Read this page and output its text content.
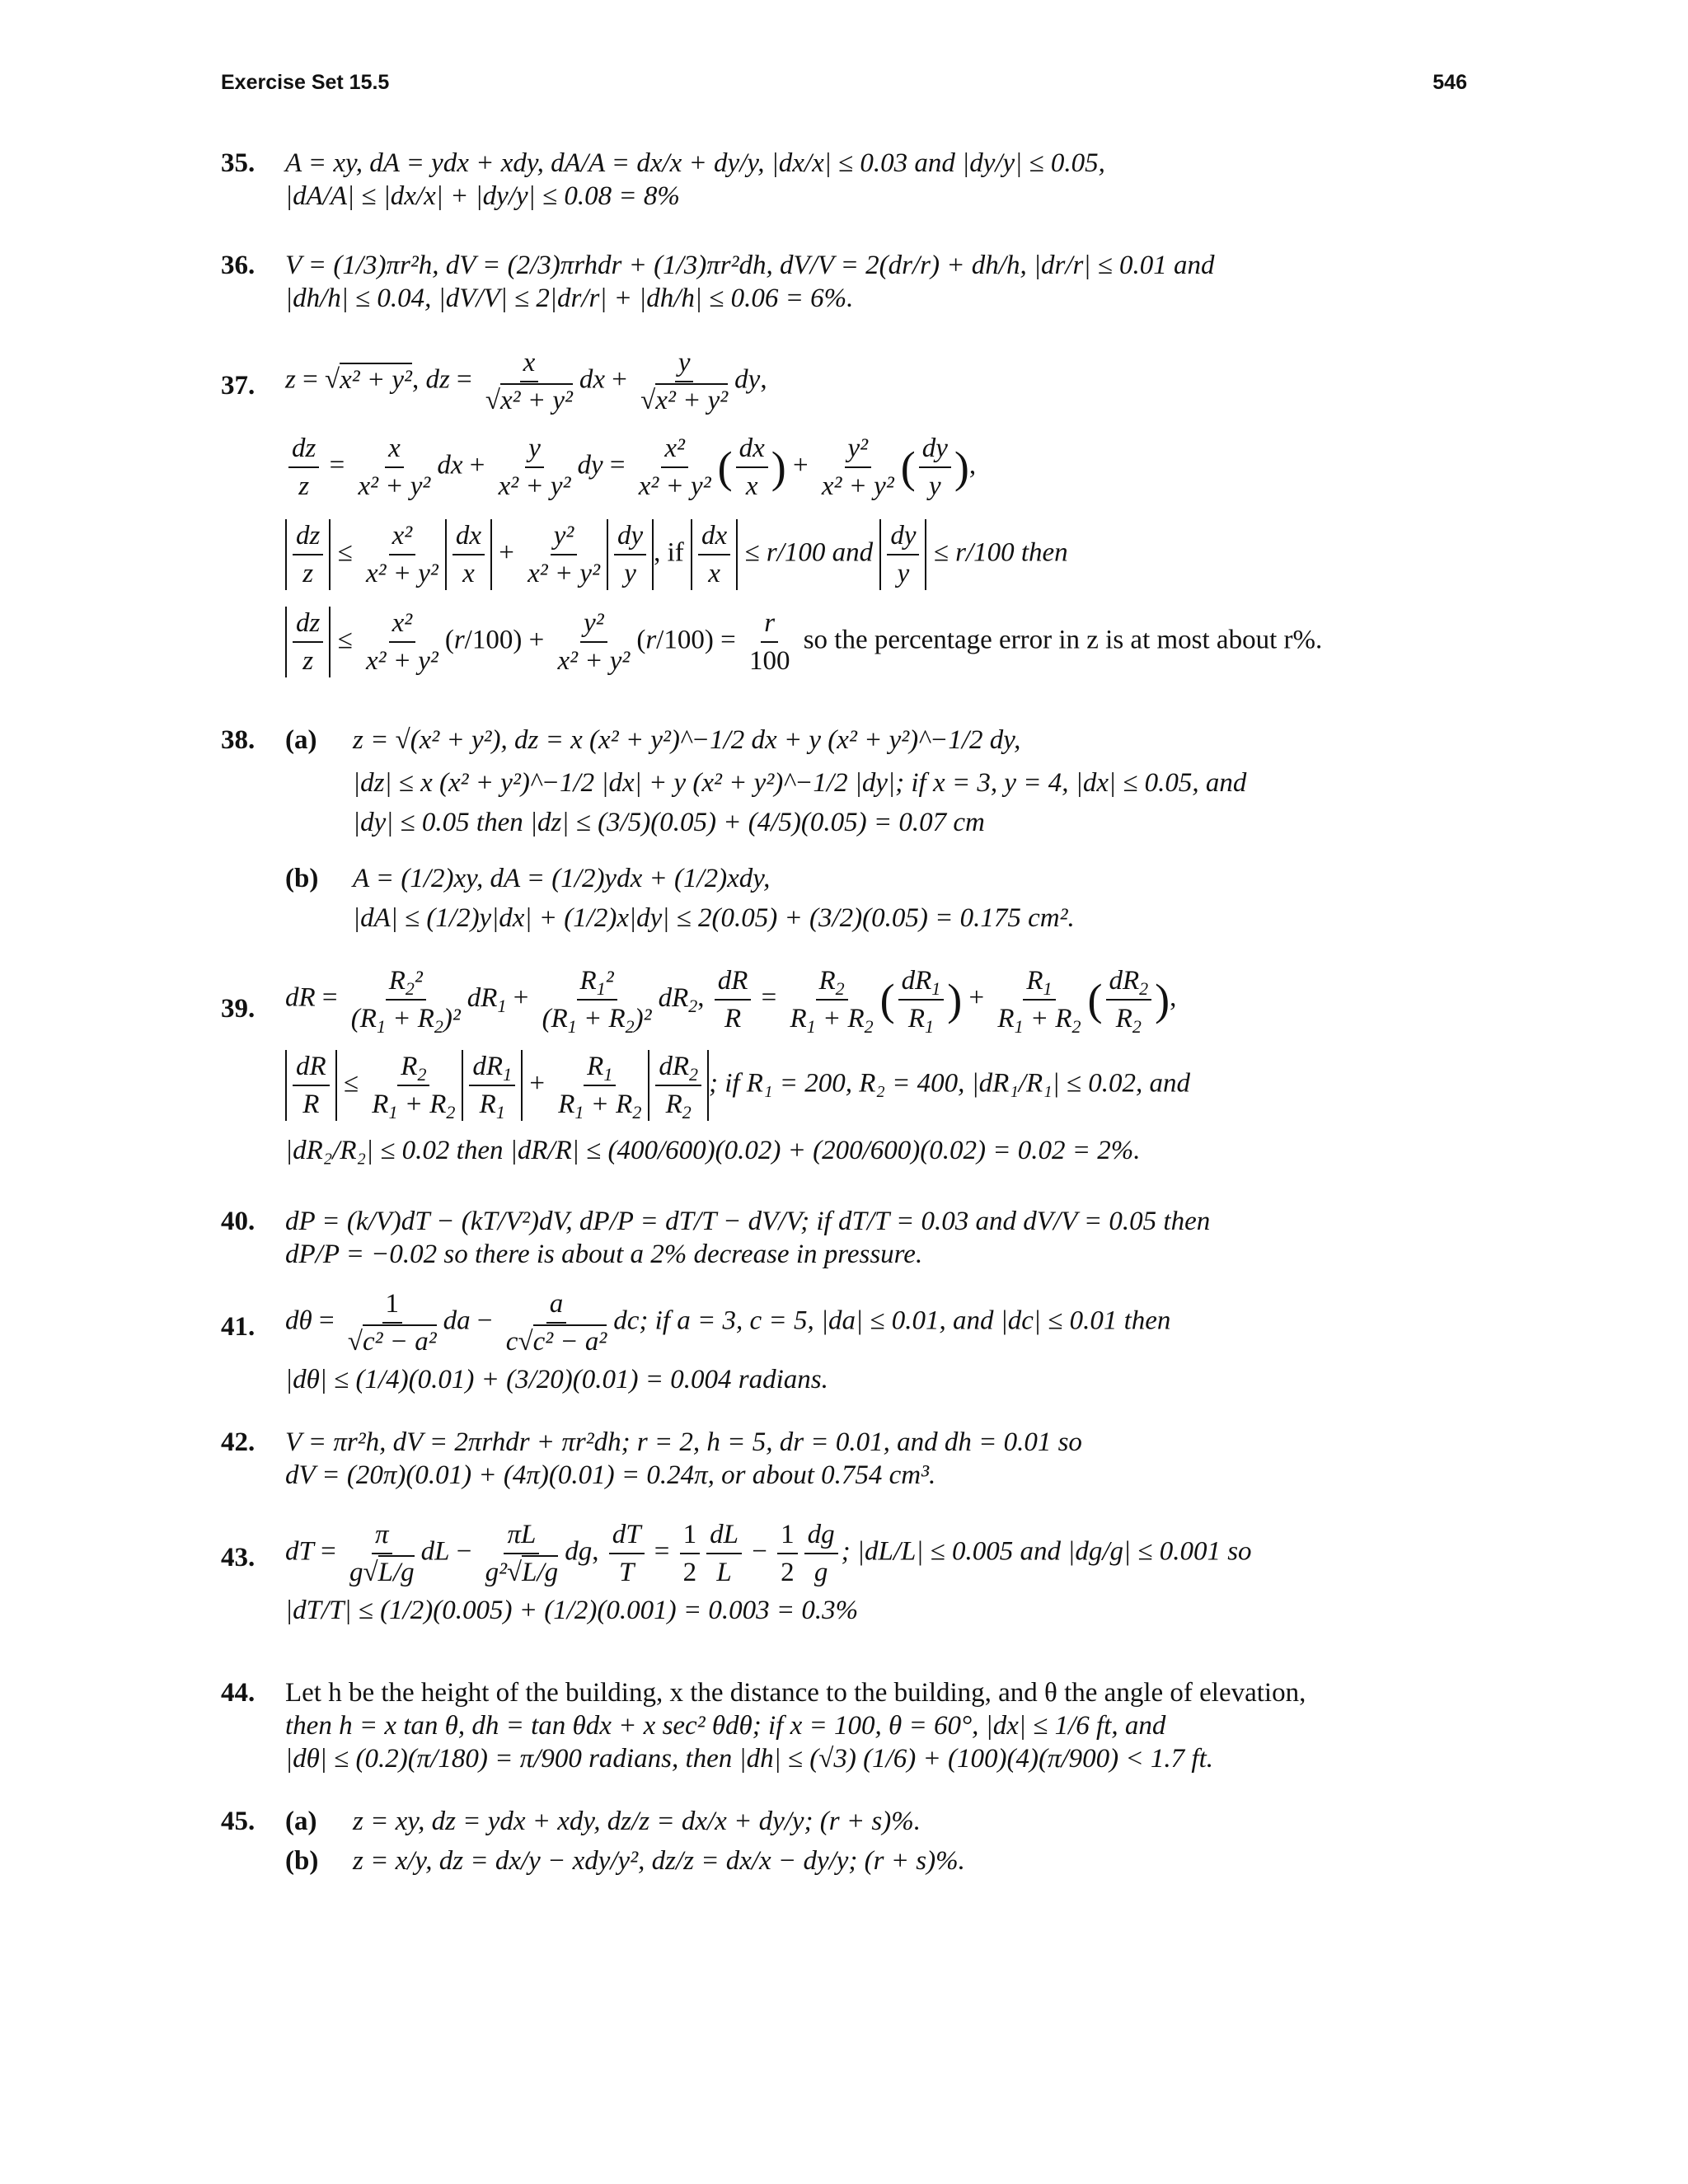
Exercise Set 15.5	546
35. A = xy, dA = ydx + xdy, dA/A = dx/x + dy/y, |dx/x| ≤ 0.03 and |dy/y| ≤ 0.05,
|dA/A| ≤ |dx/x| + |dy/y| ≤ 0.08 = 8%
36. V = (1/3)πr²h, dV = (2/3)πrhdr + (1/3)πr²dh, dV/V = 2(dr/r) + dh/h, |dr/r| ≤ 0.01 and
|dh/h| ≤ 0.04, |dV/V| ≤ 2|dr/r| + |dh/h| ≤ 0.06 = 6%.
37. z = √x² + y², dz = $\frac{x}{\text{√x² + y²}}$ dx + $\frac{y}{\text{√x² + y²}}$ dy,
$\frac{dz}{z} = \frac{x}{\text{x² + y²}}$ dx + $\frac{y}{\text{x² + y²}}$ dy = $\frac{\text{x²}}{\text{x² + y²}}$ ( $\frac{dx}{x}$ ) + $\frac{\text{y²}}{\text{x² + y²}}$ ( $\frac{dy}{y}$ ),
$\frac{dz}{z} \le \frac{\text{x²}}{\text{x² + y²}} \frac{dx}{x} + \frac{\text{y²}}{\text{x² + y²}} \frac{dy}{y}$ , if $\frac{dx}{x} \le r/100$ and $\frac{dy}{y} \le r/100$ then
$\frac{dz}{z} \le \frac{\text{x²}}{\text{x² + y²}} (r/100) + \frac{\text{y²}}{\text{x² + y²}} (r/100) = \frac{r}{100}$ so the percentage error in z is at most about r%.
38. (a) z = √(x² + y²), dz = x (x² + y²)^−1/2 dx + y (x² + y²)^−1/2 dy,
|dz| ≤ x (x² + y²)^−1/2 |dx| + y (x² + y²)^−1/2 |dy|; if x = 3, y = 4, |dx| ≤ 0.05, and
|dy| ≤ 0.05 then |dz| ≤ (3/5)(0.05) + (4/5)(0.05) = 0.07 cm
(b) A = (1/2)xy, dA = (1/2)ydx + (1/2)xdy,
|dA| ≤ (1/2)y|dx| + (1/2)x|dy| ≤ 2(0.05) + (3/2)(0.05) = 0.175 cm².
39. dR = $\frac{R_2^2}{(R_1 + R_2)^2} dR_1 + \frac{R_1^2}{(R_1 + R_2)^2} dR_2$, $\frac{dR}{R} = \frac{R_2}{R_1 + R_2}$ ( $\frac{dR_1}{R_1}$ ) + $\frac{R_1}{R_1 + R_2}$ ( $\frac{dR_2}{R_2}$ ),
$\frac{dR}{R} \le \frac{R_2}{R_1 + R_2} \frac{dR_1}{R_1} + \frac{R_1}{R_1 + R_2} \frac{dR_2}{R_2}$ ; if R₁ = 200, R₂ = 400, |dR₁/R₁| ≤ 0.02, and
|dR₂/R₂| ≤ 0.02 then |dR/R| ≤ (400/600)(0.02) + (200/600)(0.02) = 0.02 = 2%.
40. dP = (k/V)dT − (kT/V²)dV, dP/P = dT/T − dV/V; if dT/T = 0.03 and dV/V = 0.05 then
dP/P = −0.02 so there is about a 2% decrease in pressure.
41. $d\theta = \frac{1}{\text{√c² − a²}}$ da − $\frac{a}{\text{c√c² − a²}}$ dc; if a = 3, c = 5, |da| ≤ 0.01, and |dc| ≤ 0.01 then
|dθ| ≤ (1/4)(0.01) + (3/20)(0.01) = 0.004 radians.
42. V = πr²h, dV = 2πrhdr + πr²dh; r = 2, h = 5, dr = 0.01, and dh = 0.01 so
dV = (20π)(0.01) + (4π)(0.01) = 0.24π, or about 0.754 cm³.
43. dT = $\frac{\pi}{g√L/g}$ dL − $\frac{\pi L}{\text{g²√L/g}}$ dg, $\frac{dT}{T} = \frac{1}{2} \frac{dL}{L} - \frac{1}{2} \frac{dg}{g}$ ; |dL/L| ≤ 0.005 and |dg/g| ≤ 0.001 so
|dT/T| ≤ (1/2)(0.005) + (1/2)(0.001) = 0.003 = 0.3%
44. Let h be the height of the building, x the distance to the building, and θ the angle of elevation,
then h = x tan θ, dh = tan θdx + x sec² θdθ; if x = 100, θ = 60°, |dx| ≤ 1/6 ft, and
|dθ| ≤ (0.2)(π/180) = π/900 radians, then |dh| ≤ (√3) (1/6) + (100)(4)(π/900) < 1.7 ft.
45. (a) z = xy, dz = ydx + xdy, dz/z = dx/x + dy/y; (r + s)%.
(b) z = x/y, dz = dx/y − xdy/y², dz/z = dx/x − dy/y; (r + s)%.
